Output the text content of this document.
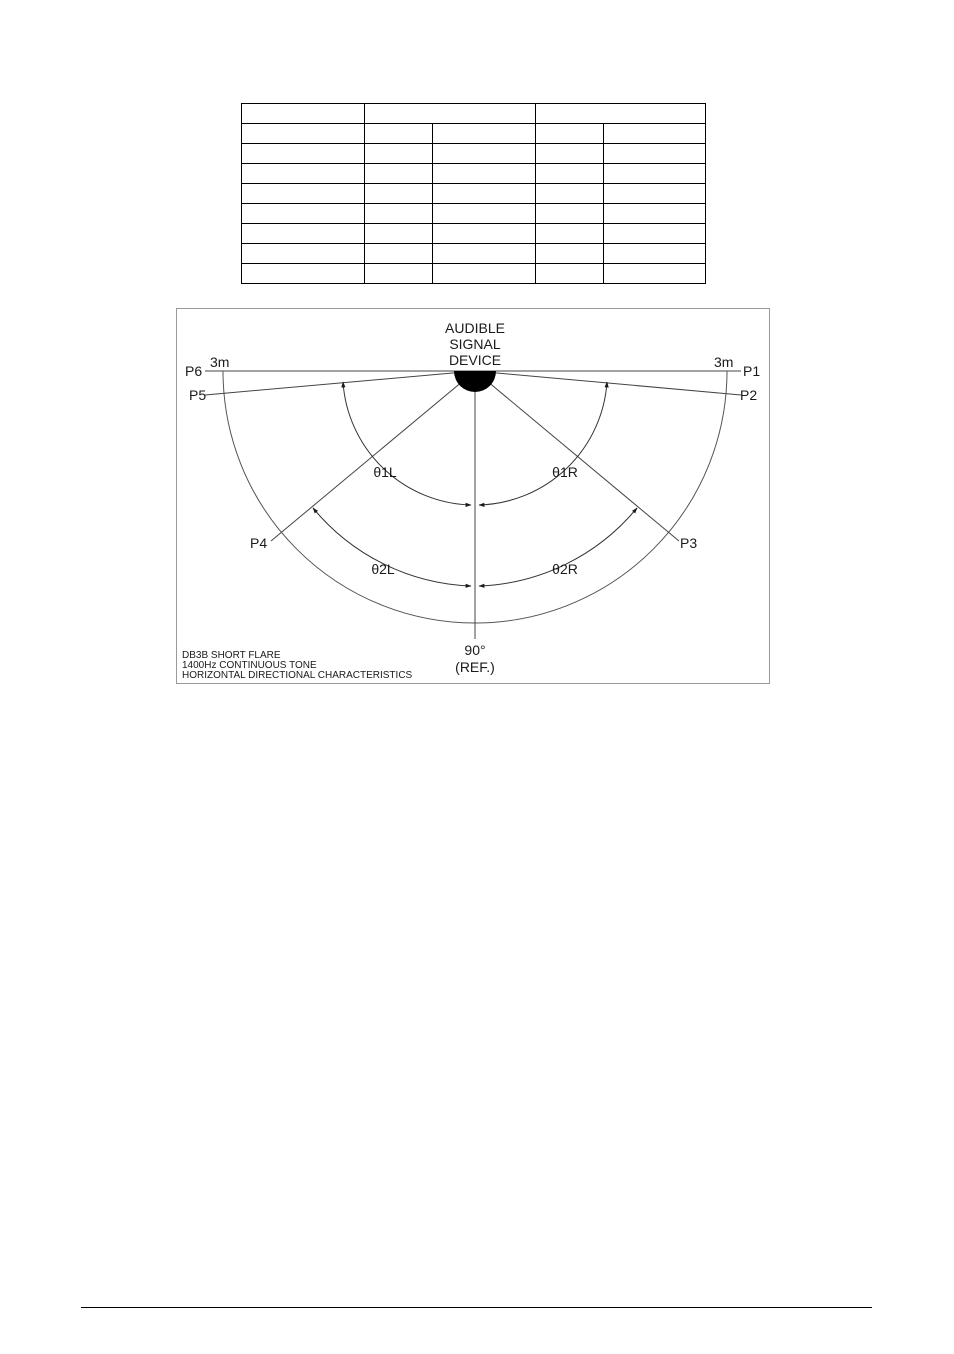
AUDIBLE
SIGNAL
DEVICE
3m	3m
P6	P1
P5	P2
P4	P3
θ1L	θ1R
θ2L	θ2R
90°
(REF.)
DB3B SHORT FLARE
1400Hz CONTINUOUS TONE
HORIZONTAL DIRECTIONAL CHARACTERISTICS
